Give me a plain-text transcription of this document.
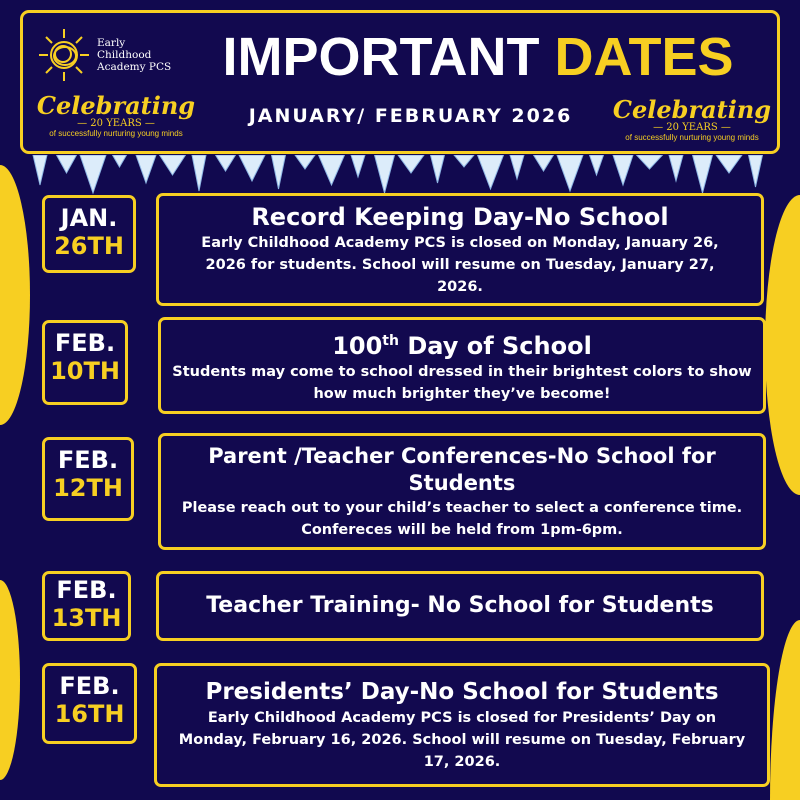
Early
Childhood
Academy PCS
Celebrating
— 20 YEARS —
of successfully nurturing young minds
IMPORTANT DATES
JANUARY/ FEBRUARY 2026	Celebrating
— 20 YEARS —
of successfully nurturing young minds
JAN.
26TH
Record Keeping Day-No School

Early Childhood Academy PCS is closed on Monday, January 26, 2026 for students. School will resume on Tuesday, January 27, 2026.

FEB.
10TH
100th Day of School

Students may come to school dressed in their brightest colors to show how much brighter they’ve become!

FEB.
12TH
Parent /Teacher Conferences-No School for Students

Please reach out to your child’s teacher to select a conference time. Confereces will be held from 1pm-6pm.

FEB.
13TH	Teacher Training- No School for Students
FEB.
16TH
Presidents’ Day-No School for Students

Early Childhood Academy PCS is closed for Presidents’ Day on Monday, February 16, 2026. School will resume on Tuesday, February 17, 2026.
